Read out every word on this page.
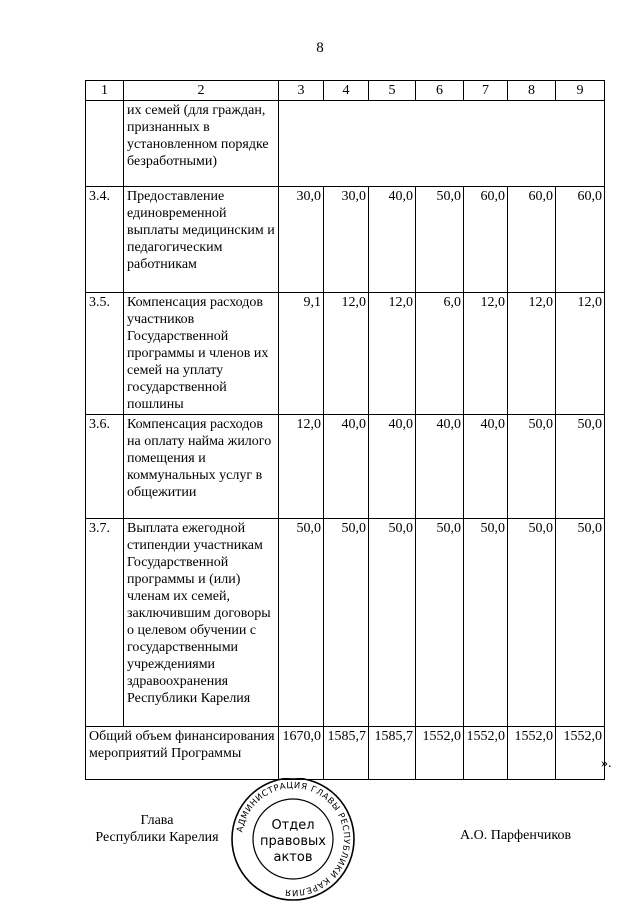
8
1	2	3	4	5	6	7	8	9
	их семей (для граждан, признанных в установленном порядке безработными)							
3.4.	Предоставление единовременной выплаты медицинским и педагогическим работникам	30,0	30,0	40,0	50,0	60,0	60,0	60,0
3.5.	Компенсация расходов участников Государственной программы и членов их семей на уплату государственной пошлины	9,1	12,0	12,0	6,0	12,0	12,0	12,0
3.6.	Компенсация расходов на оплату найма жилого помещения и коммунальных услуг в общежитии	12,0	40,0	40,0	40,0	40,0	50,0	50,0
3.7.	Выплата ежегодной стипендии участникам Государственной программы и (или) членам их семей, заключившим договоры о целевом обучении с государственными учреждениями здравоохранения Республики Карелия	50,0	50,0	50,0	50,0	50,0	50,0	50,0
Общий объем финансирования мероприятий Программы		1670,0	1585,7	1585,7	1552,0	1552,0	1552,0	1552,0
».
Глава
Республики Карелия
АДМИНИСТРАЦИЯ ГЛАВЫ РЕСПУБЛИКИ КАРЕЛИЯ
Отдел
правовых
актов
А.О. Парфенчиков
